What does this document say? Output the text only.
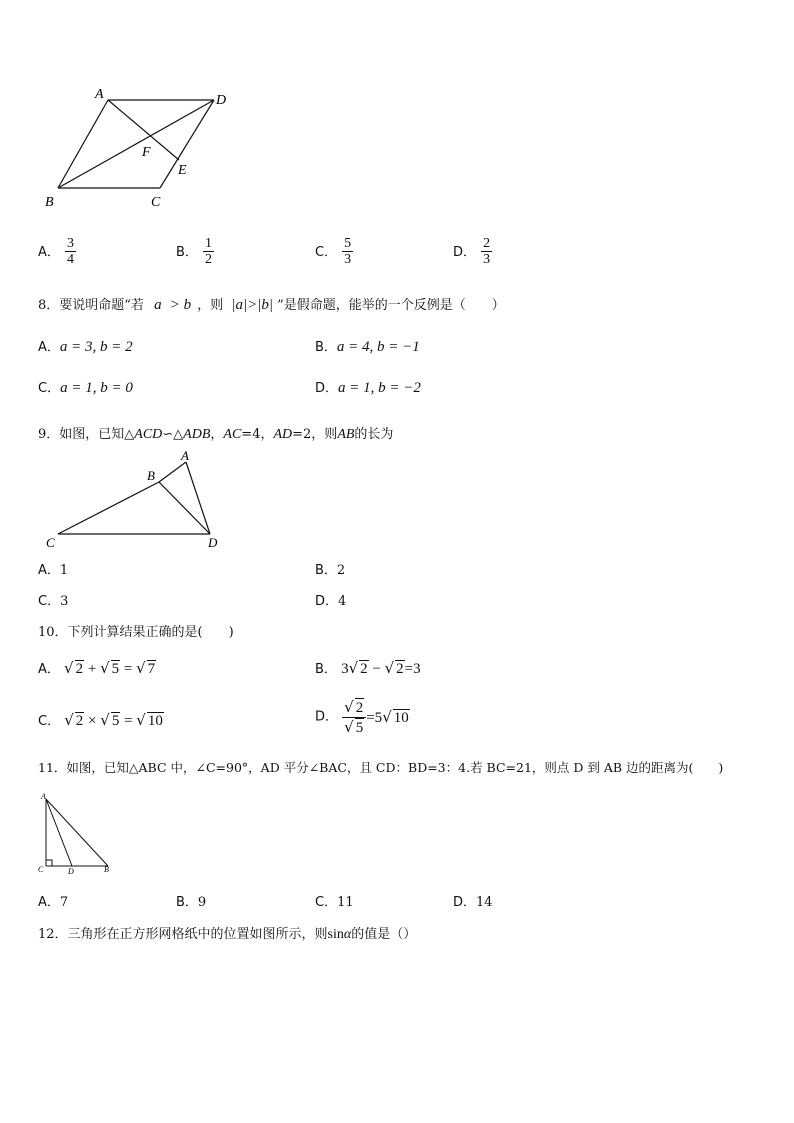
A	D
F
E
B	C
A． $\frac{3}{4}$	B． $\frac{1}{2}$	C． $\frac{5}{3}$	D． $\frac{2}{3}$
8．要说明命题“若 a > b ，则 |a|>|b| ”是假命题，能举的一个反例是（　　）
A．a = 3, b = 2	B．a = 4, b = −1
C．a = 1, b = 0	D．a = 1, b = −2
9．如图，已知△ACD∽△ADB，AC=4，AD=2，则AB的长为
A
B
C	D
A．1	B．2
C．3	D．4
10．下列计算结果正确的是(　　)
A． √ 2 + √ 5 = √ 7	B． 3√ 2 − √ 2=3
C． √ 2 × √ 5 = √ 10	D． $\frac{√ 2}{√ 5} =5√$ 10
11．如图，已知△ABC 中，∠C=90°，AD 平分∠BAC，且 CD：BD=3：4.若 BC=21，则点 D 到 AB 边的距离为(　　)
A
C	D	B
A．7	B．9	C．11	D．14
12．三角形在正方形网格纸中的位置如图所示，则sinα的值是（）
